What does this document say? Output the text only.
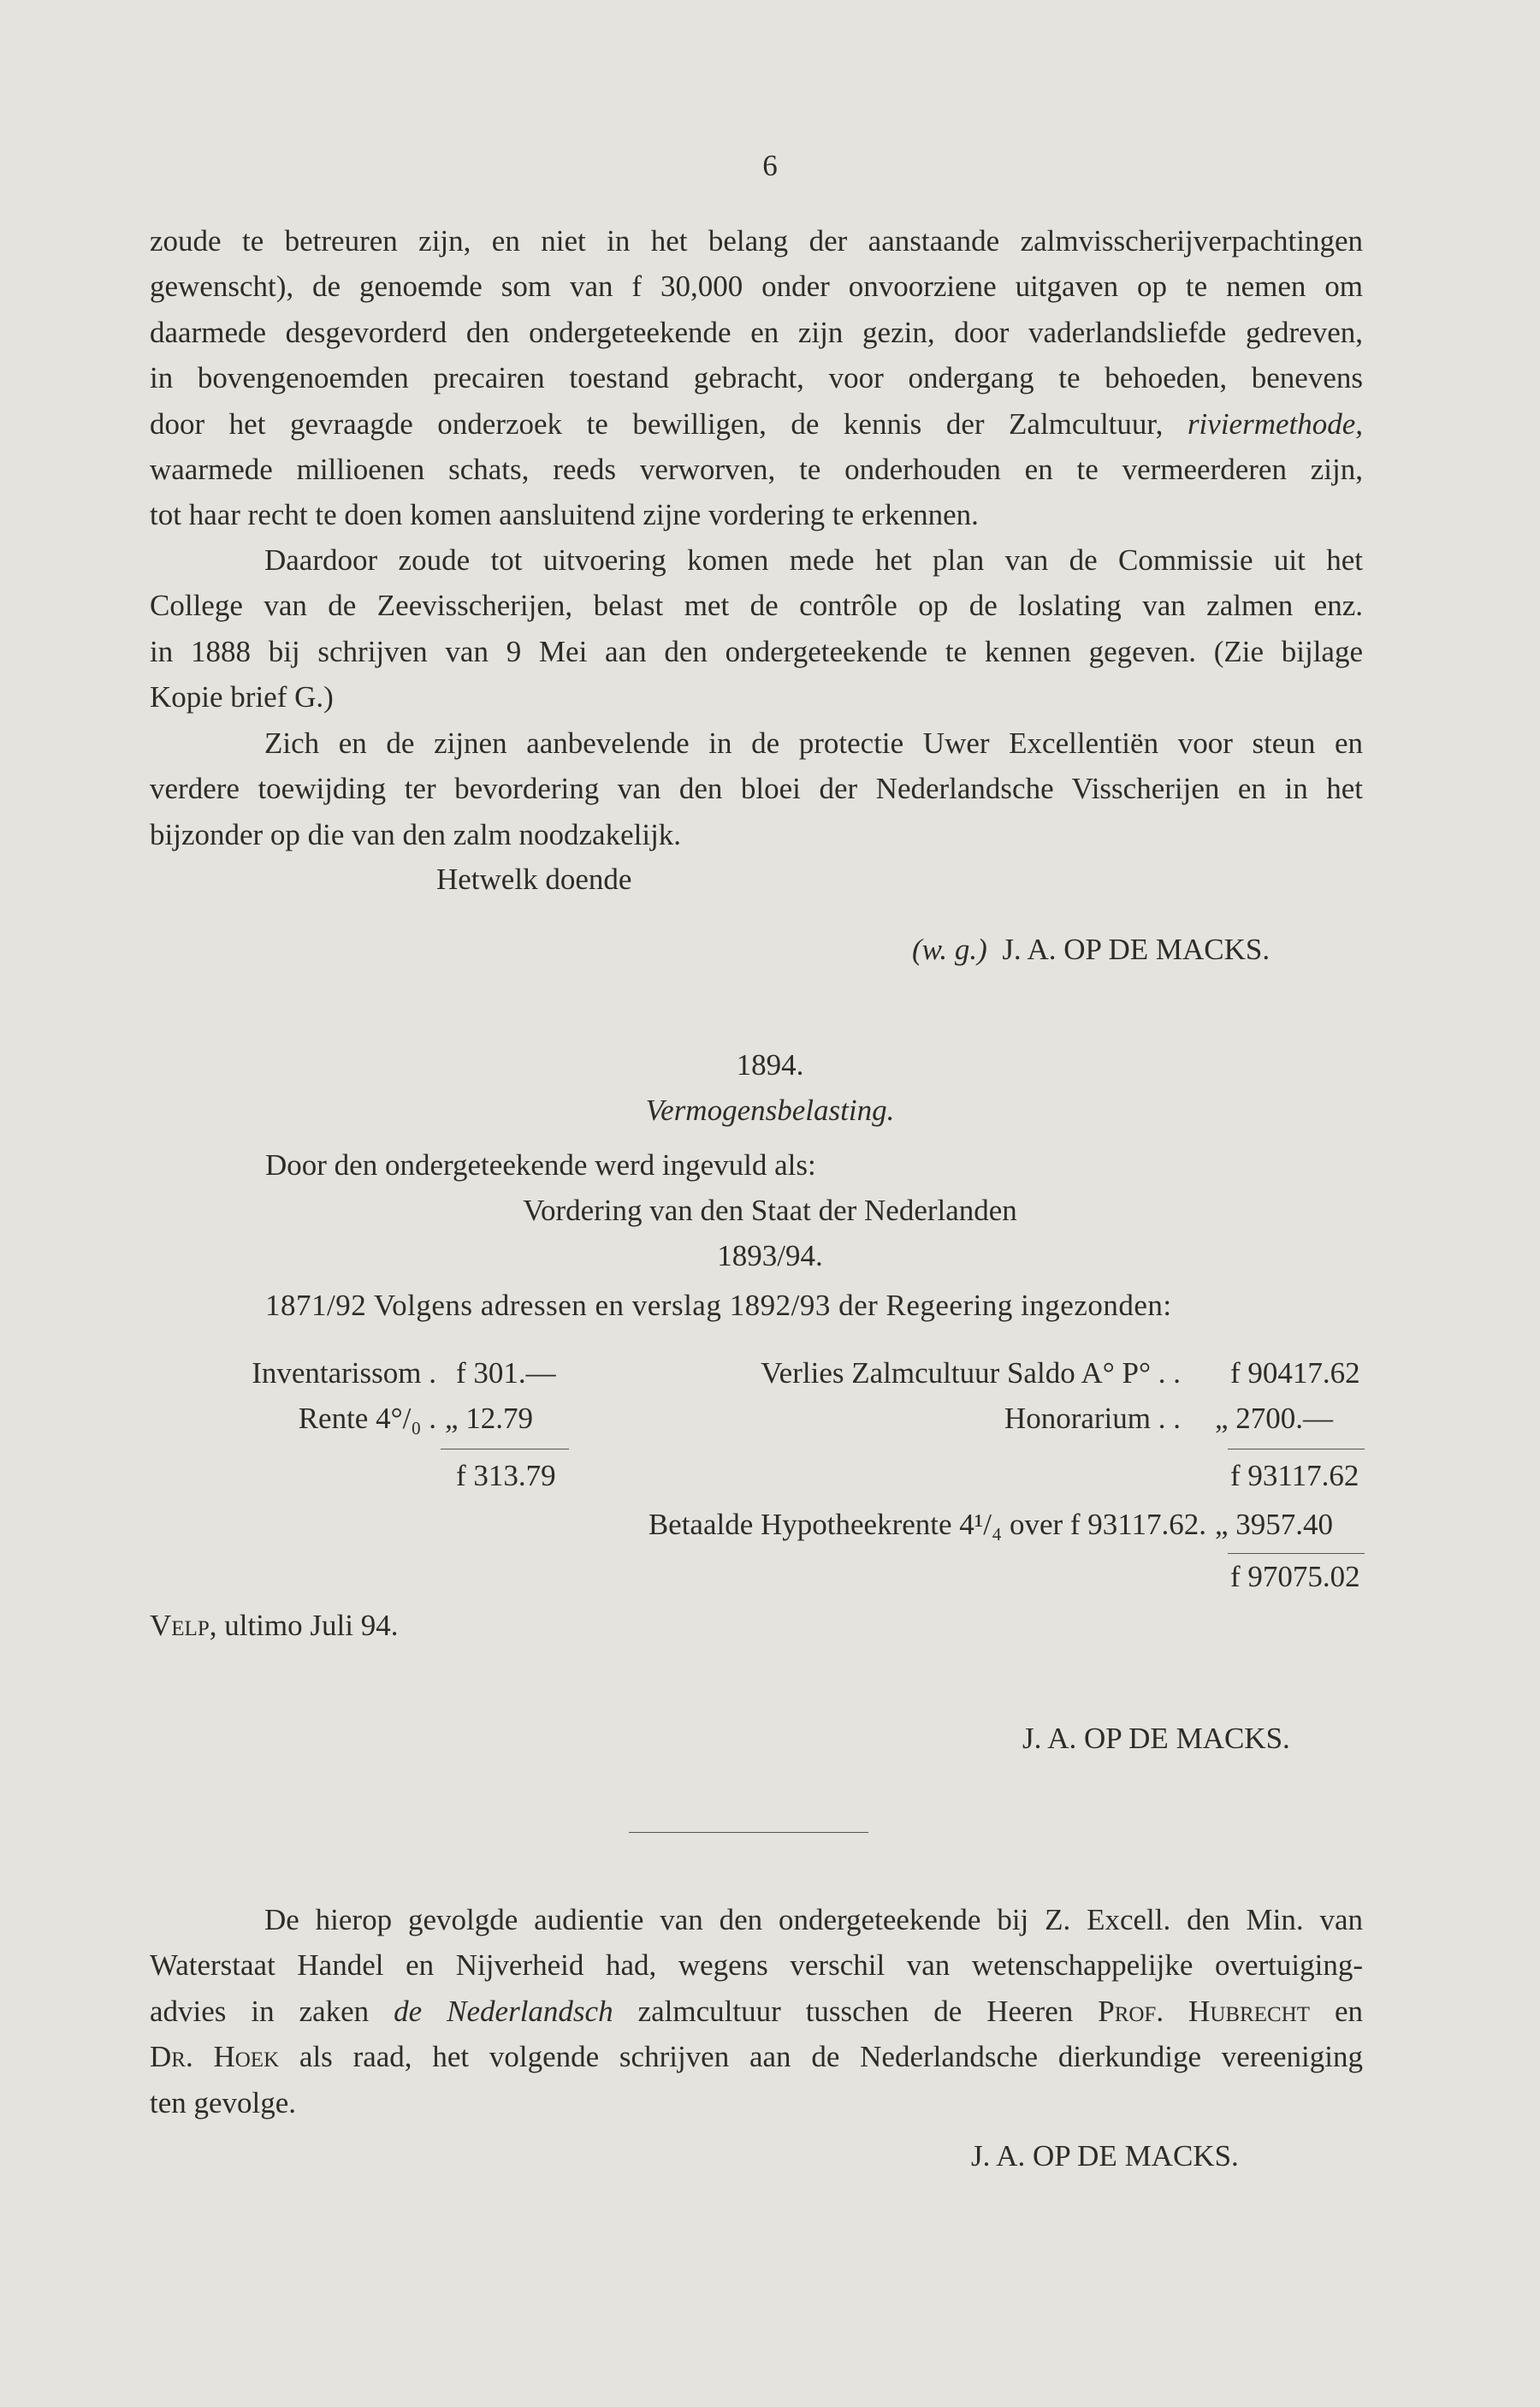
6
zoude te betreuren zijn, en niet in het belang der aanstaande zalmvisscherijverpachtingen
gewenscht), de genoemde som van f 30,000 onder onvoorziene uitgaven op te nemen om
daarmede desgevorderd den ondergeteekende en zijn gezin, door vaderlandsliefde gedreven,
in bovengenoemden precairen toestand gebracht, voor ondergang te behoeden, benevens
door het gevraagde onderzoek te bewilligen, de kennis der Zalmcultuur, riviermethode,
waarmede millioenen schats, reeds verworven, te onderhouden en te vermeerderen zijn,
tot haar recht te doen komen aansluitend zijne vordering te erkennen.
Daardoor zoude tot uitvoering komen mede het plan van de Commissie uit het
College van de Zeevisscherijen, belast met de contrôle op de loslating van zalmen enz.
in 1888 bij schrijven van 9 Mei aan den ondergeteekende te kennen gegeven. (Zie bijlage
Kopie brief G.)
Zich en de zijnen aanbevelende in de protectie Uwer Excellentiën voor steun en
verdere toewijding ter bevordering van den bloei der Nederlandsche Visscherijen en in het
bijzonder op die van den zalm noodzakelijk.
Hetwelk doende
(w. g.) J. A. OP DE MACKS.
1894.
Vermogensbelasting.
Door den ondergeteekende werd ingevuld als:
Vordering van den Staat der Nederlanden
1893/94.
1871/92 Volgens adressen en verslag 1892/93 der Regeering ingezonden:
Inventarissom . f 301.—
Rente 4°/₀ . „ 12.79
f 313.79
Verlies Zalmcultuur Saldo A° P° . . f 90417.62
Honorarium . . „ 2700.—
f 93117.62
Betaalde Hypotheekrente 4¹/₄ over f 93117.62. „ 3957.40
f 97075.02
Velp, ultimo Juli 94.
J. A. OP DE MACKS.
De hierop gevolgde audientie van den ondergeteekende bij Z. Excell. den Min. van
Waterstaat Handel en Nijverheid had, wegens verschil van wetenschappelijke overtuiging-
advies in zaken de Nederlandsch zalmcultuur tusschen de Heeren Prof. Hubrecht en
Dr. Hoek als raad, het volgende schrijven aan de Nederlandsche dierkundige vereeniging
ten gevolge.
J. A. OP DE MACKS.
